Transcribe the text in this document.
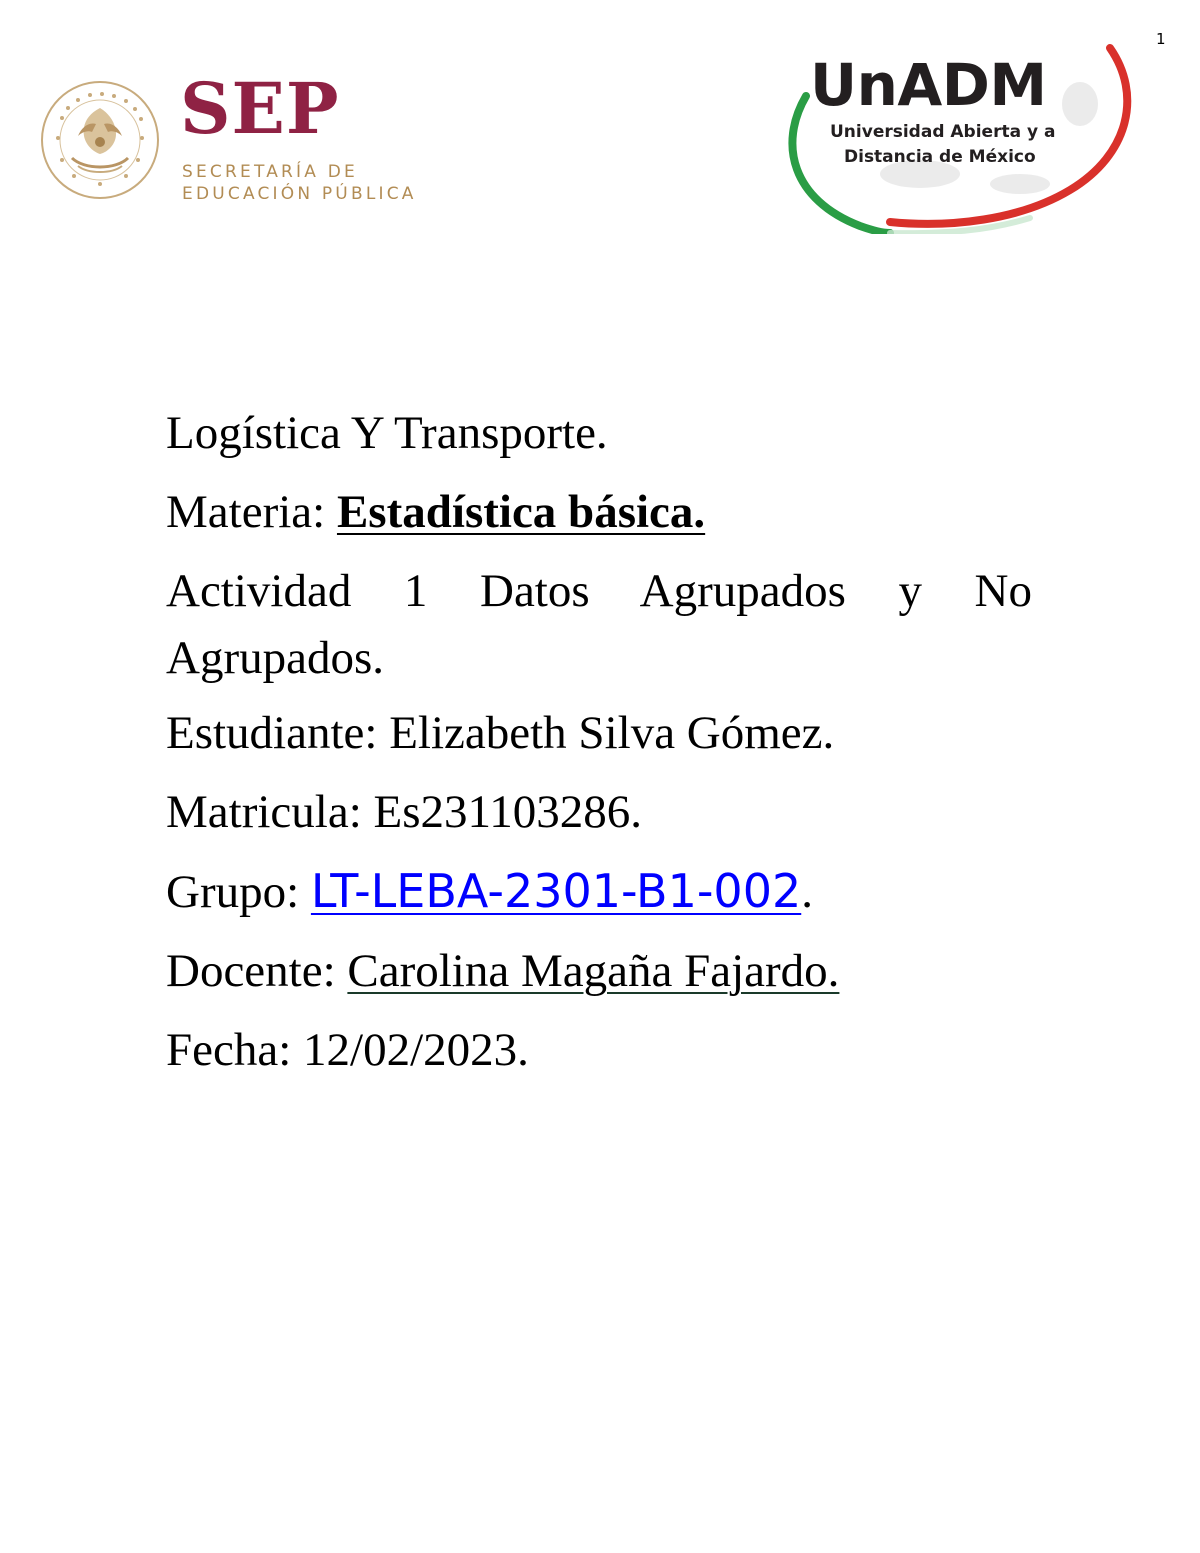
1
SEP
SECRETARÍA DE
EDUCACIÓN PÚBLICA
UnADM
Universidad Abierta y a
Distancia de México

Logística Y Transporte.

Materia: Estadística básica.

Actividad 1 Datos Agrupados y No Agrupados.

Estudiante: Elizabeth Silva Gómez.

Matricula: Es231103286.

Grupo: LT-LEBA-2301-B1-002.

Docente: Carolina Magaña Fajardo.

Fecha: 12/02/2023.
